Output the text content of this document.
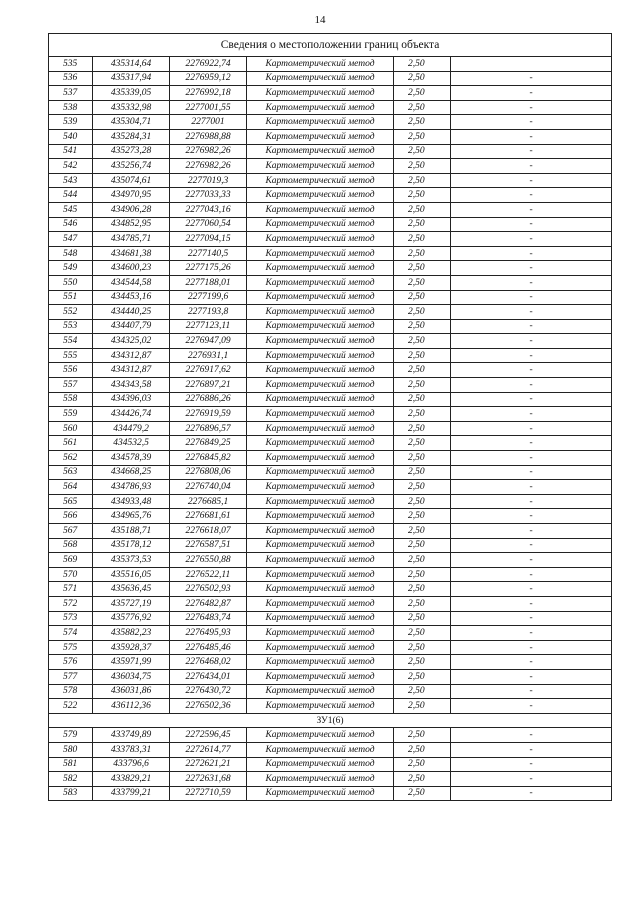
14
Сведения о местоположении границ объекта					
535	435314,64	2276922,74	Картометрический метод	2,50	
536	435317,94	2276959,12	Картометрический метод	2,50	-
537	435339,05	2276992,18	Картометрический метод	2,50	-
538	435332,98	2277001,55	Картометрический метод	2,50	-
539	435304,71	2277001	Картометрический метод	2,50	-
540	435284,31	2276988,88	Картометрический метод	2,50	-
541	435273,28	2276982,26	Картометрический метод	2,50	-
542	435256,74	2276982,26	Картометрический метод	2,50	-
543	435074,61	2277019,3	Картометрический метод	2,50	-
544	434970,95	2277033,33	Картометрический метод	2,50	-
545	434906,28	2277043,16	Картометрический метод	2,50	-
546	434852,95	2277060,54	Картометрический метод	2,50	-
547	434785,71	2277094,15	Картометрический метод	2,50	-
548	434681,38	2277140,5	Картометрический метод	2,50	-
549	434600,23	2277175,26	Картометрический метод	2,50	-
550	434544,58	2277188,01	Картометрический метод	2,50	-
551	434453,16	2277199,6	Картометрический метод	2,50	-
552	434440,25	2277193,8	Картометрический метод	2,50	-
553	434407,79	2277123,11	Картометрический метод	2,50	-
554	434325,02	2276947,09	Картометрический метод	2,50	-
555	434312,87	2276931,1	Картометрический метод	2,50	-
556	434312,87	2276917,62	Картометрический метод	2,50	-
557	434343,58	2276897,21	Картометрический метод	2,50	-
558	434396,03	2276886,26	Картометрический метод	2,50	-
559	434426,74	2276919,59	Картометрический метод	2,50	-
560	434479,2	2276896,57	Картометрический метод	2,50	-
561	434532,5	2276849,25	Картометрический метод	2,50	-
562	434578,39	2276845,82	Картометрический метод	2,50	-
563	434668,25	2276808,06	Картометрический метод	2,50	-
564	434786,93	2276740,04	Картометрический метод	2,50	-
565	434933,48	2276685,1	Картометрический метод	2,50	-
566	434965,76	2276681,61	Картометрический метод	2,50	-
567	435188,71	2276618,07	Картометрический метод	2,50	-
568	435178,12	2276587,51	Картометрический метод	2,50	-
569	435373,53	2276550,88	Картометрический метод	2,50	-
570	435516,05	2276522,11	Картометрический метод	2,50	-
571	435636,45	2276502,93	Картометрический метод	2,50	-
572	435727,19	2276482,87	Картометрический метод	2,50	-
573	435776,92	2276483,74	Картометрический метод	2,50	-
574	435882,23	2276495,93	Картометрический метод	2,50	-
575	435928,37	2276485,46	Картометрический метод	2,50	-
576	435971,99	2276468,02	Картометрический метод	2,50	-
577	436034,75	2276434,01	Картометрический метод	2,50	-
578	436031,86	2276430,72	Картометрический метод	2,50	-
522	436112,36	2276502,36	Картометрический метод	2,50	-
ЗУ1(6)					
579	433749,89	2272596,45	Картометрический метод	2,50	-
580	433783,31	2272614,77	Картометрический метод	2,50	-
581	433796,6	2272621,21	Картометрический метод	2,50	-
582	433829,21	2272631,68	Картометрический метод	2,50	-
583	433799,21	2272710,59	Картометрический метод	2,50	-
